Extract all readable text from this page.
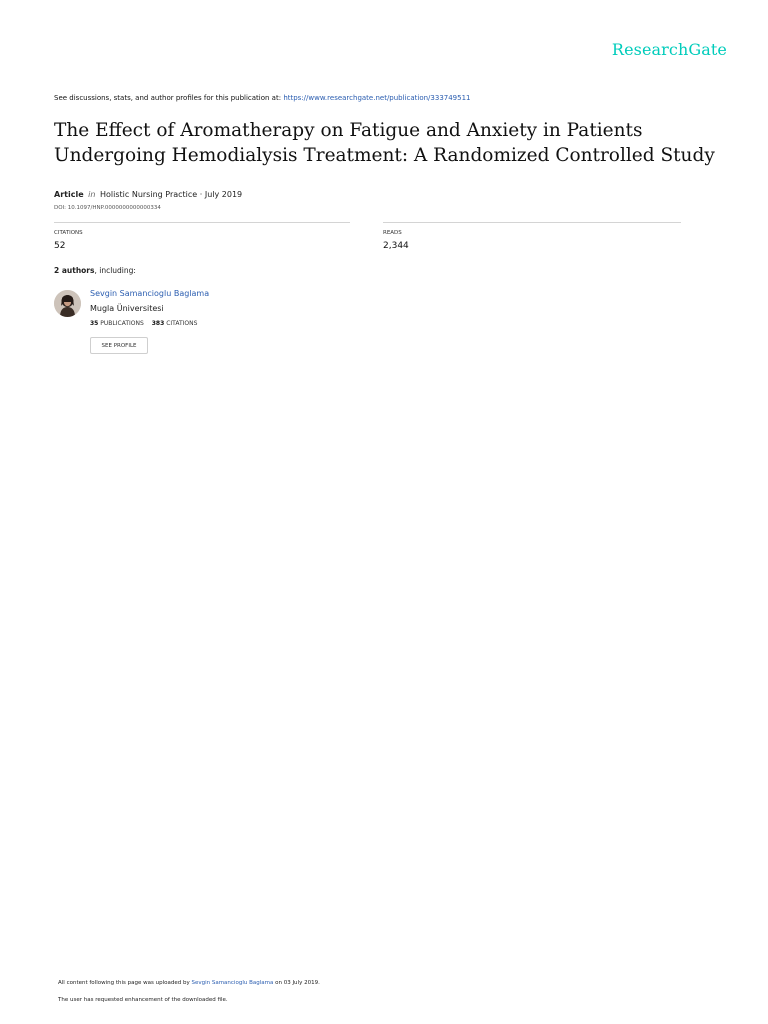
ResearchGate
See discussions, stats, and author profiles for this publication at: https://www.researchgate.net/publication/333749511
The Effect of Aromatherapy on Fatigue and Anxiety in Patients Undergoing Hemodialysis Treatment: A Randomized Controlled Study
Article in Holistic Nursing Practice · July 2019
DOI: 10.1097/HNP.0000000000000334
CITATIONS
52
READS
2,344
2 authors, including:
Sevgin Samancioglu Baglama
Mugla Üniversitesi
35 PUBLICATIONS 383 CITATIONS
SEE PROFILE
All content following this page was uploaded by Sevgin Samancioglu Baglama on 03 July 2019.
The user has requested enhancement of the downloaded file.
